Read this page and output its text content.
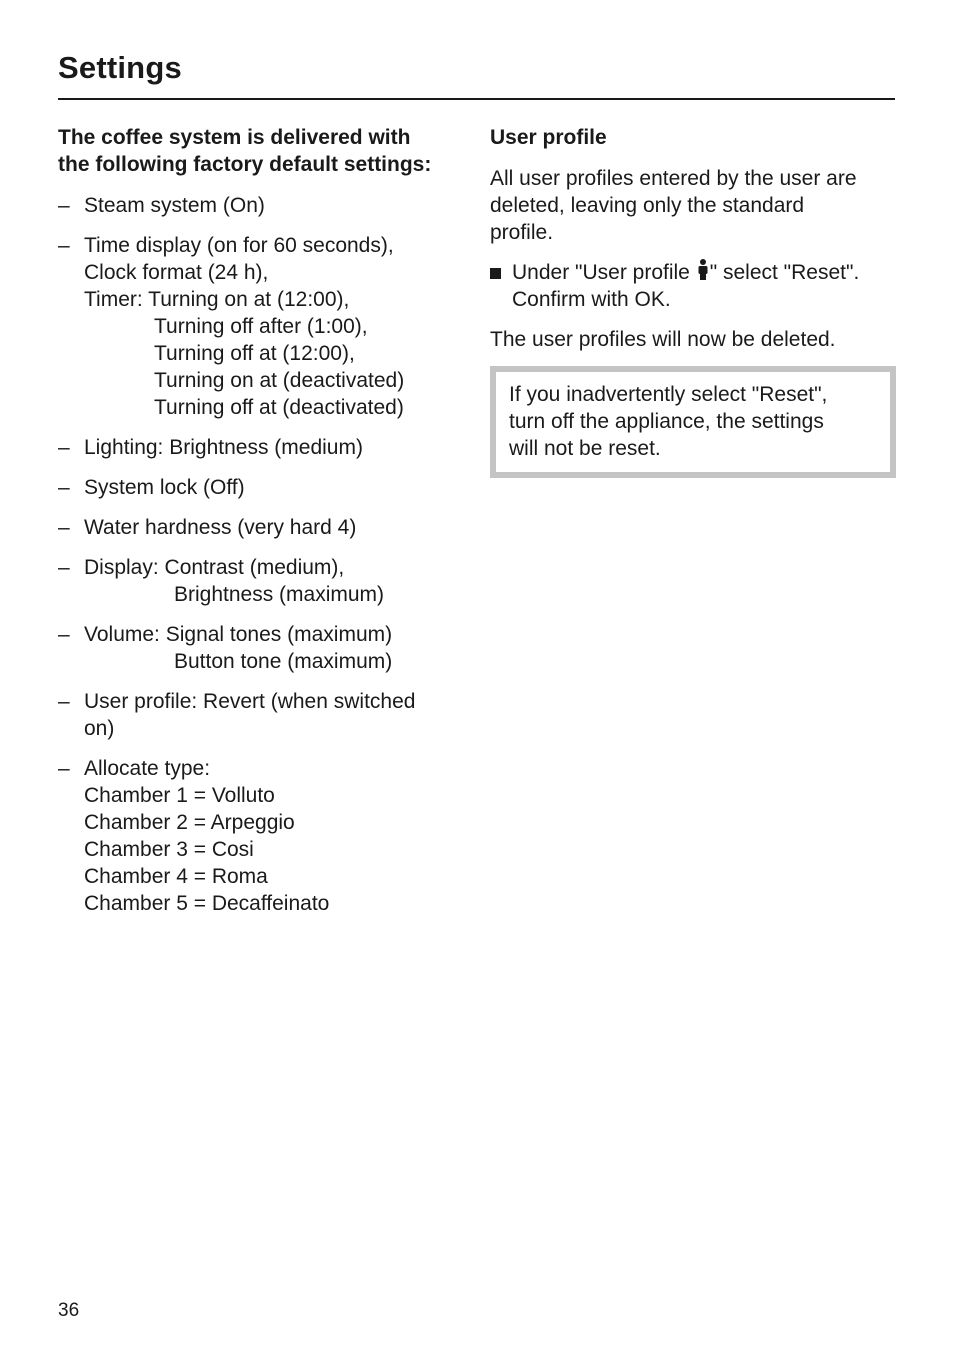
Settings
The coffee system is delivered with
the following factory default settings:
– Steam system (On)
– Time display (on for 60 seconds),
Clock format (24 h),
Timer: Turning on at (12:00),
Turning off after (1:00),
Turning off at (12:00),
Turning on at (deactivated)
Turning off at (deactivated)
– Lighting: Brightness (medium)
– System lock (Off)
– Water hardness (very hard 4)
– Display: Contrast (medium),
Brightness (maximum)
– Volume: Signal tones (maximum)
Button tone (maximum)
– User profile: Revert (when switched
on)
– Allocate type:
Chamber 1 = Volluto
Chamber 2 = Arpeggio
Chamber 3 = Cosi
Chamber 4 = Roma
Chamber 5 = Decaffeinato
User profile

All user profiles entered by the user are
deleted, leaving only the standard
profile.

Under "User profile " select "Reset".
Confirm with OK.

The user profiles will now be deleted.

If you inadvertently select "Reset",
turn off the appliance, the settings
will not be reset.
36
